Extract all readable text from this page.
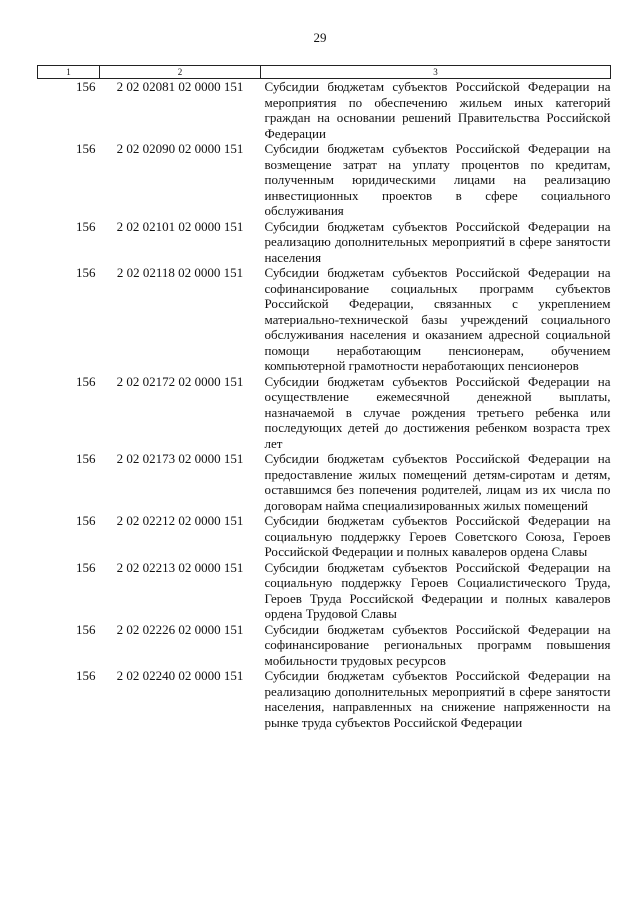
29
1	2	3
156	2 02 02081 02 0000 151	Субсидии бюджетам субъектов Российской Федерации на мероприятия по обеспечению жильем иных категорий граждан на основании решений Правительства Российской Федерации
156	2 02 02090 02 0000 151	Субсидии бюджетам субъектов Российской Федерации на возмещение затрат на уплату процентов по кредитам, полученным юридическими лицами на реализацию инвестиционных проектов в сфере социального обслуживания
156	2 02 02101 02 0000 151	Субсидии бюджетам субъектов Российской Федерации на реализацию дополнительных мероприятий в сфере занятости населения
156	2 02 02118 02 0000 151	Субсидии бюджетам субъектов Российской Федерации на софинансирование социальных программ субъектов Российской Федерации, связанных с укреплением материально-технической базы учреждений социального обслуживания населения и оказанием адресной социальной помощи неработающим пенсионерам, обучением компьютерной грамотности неработающих пенсионеров
156	2 02 02172 02 0000 151	Субсидии бюджетам субъектов Российской Федерации на осуществление ежемесячной денежной выплаты, назначаемой в случае рождения третьего ребенка или последующих детей до достижения ребенком возраста трех лет
156	2 02 02173 02 0000 151	Субсидии бюджетам субъектов Российской Федерации на предоставление жилых помещений детям-сиротам и детям, оставшимся без попечения родителей, лицам из их числа по договорам найма специализированных жилых помещений
156	2 02 02212 02 0000 151	Субсидии бюджетам субъектов Российской Федерации на социальную поддержку Героев Советского Союза, Героев Российской Федерации и полных кавалеров ордена Славы
156	2 02 02213 02 0000 151	Субсидии бюджетам субъектов Российской Федерации на социальную поддержку Героев Социалистического Труда, Героев Труда Российской Федерации и полных кавалеров ордена Трудовой Славы
156	2 02 02226 02 0000 151	Субсидии бюджетам субъектов Российской Федерации на софинансирование региональных программ повышения мобильности трудовых ресурсов
156	2 02 02240 02 0000 151	Субсидии бюджетам субъектов Российской Федерации на реализацию дополнительных мероприятий в сфере занятости населения, направленных на снижение напряженности на рынке труда субъектов Российской Федерации
